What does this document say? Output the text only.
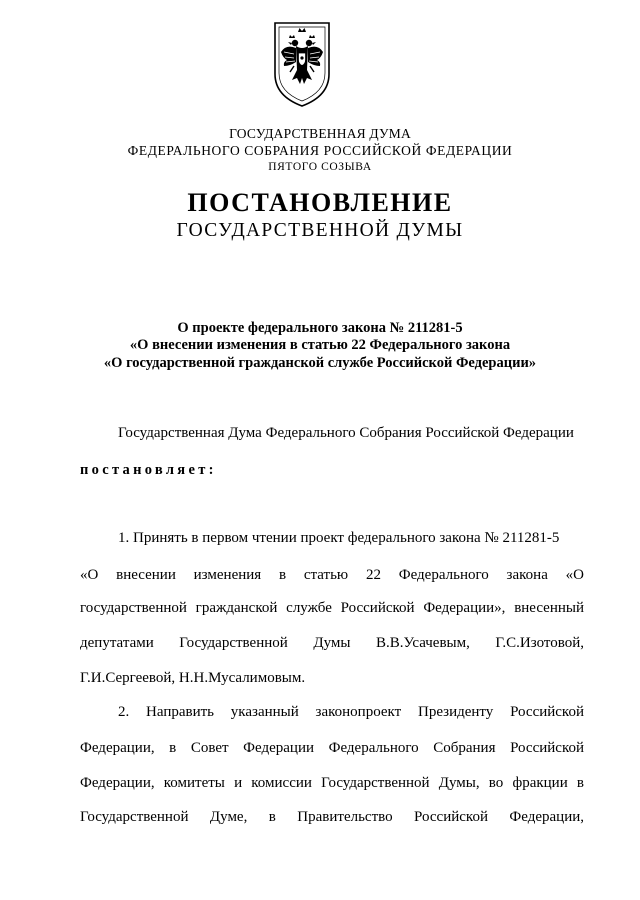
ГОСУДАРСТВЕННАЯ ДУМА
ФЕДЕРАЛЬНОГО СОБРАНИЯ РОССИЙСКОЙ ФЕДЕРАЦИИ
ПЯТОГО СОЗЫВА
ПОСТАНОВЛЕНИЕ
ГОСУДАРСТВЕННОЙ ДУМЫ
О проекте федерального закона № 211281-5
«О внесении изменения в статью 22 Федерального закона
«О государственной гражданской службе Российской Федерации»
Государственная Дума Федерального Собрания Российской Федерации
постановляет:
1. Принять в первом чтении проект федерального закона № 211281-5
«О внесении изменения в статью 22 Федерального закона «О
государственной гражданской службе Российской Федерации», внесенный
депутатами Государственной Думы В.В.Усачевым, Г.С.Изотовой,
Г.И.Сергеевой, Н.Н.Мусалимовым.
2. Направить указанный законопроект Президенту Российской
Федерации, в Совет Федерации Федерального Собрания Российской
Федерации, комитеты и комиссии Государственной Думы, во фракции в
Государственной Думе, в Правительство Российской Федерации,
